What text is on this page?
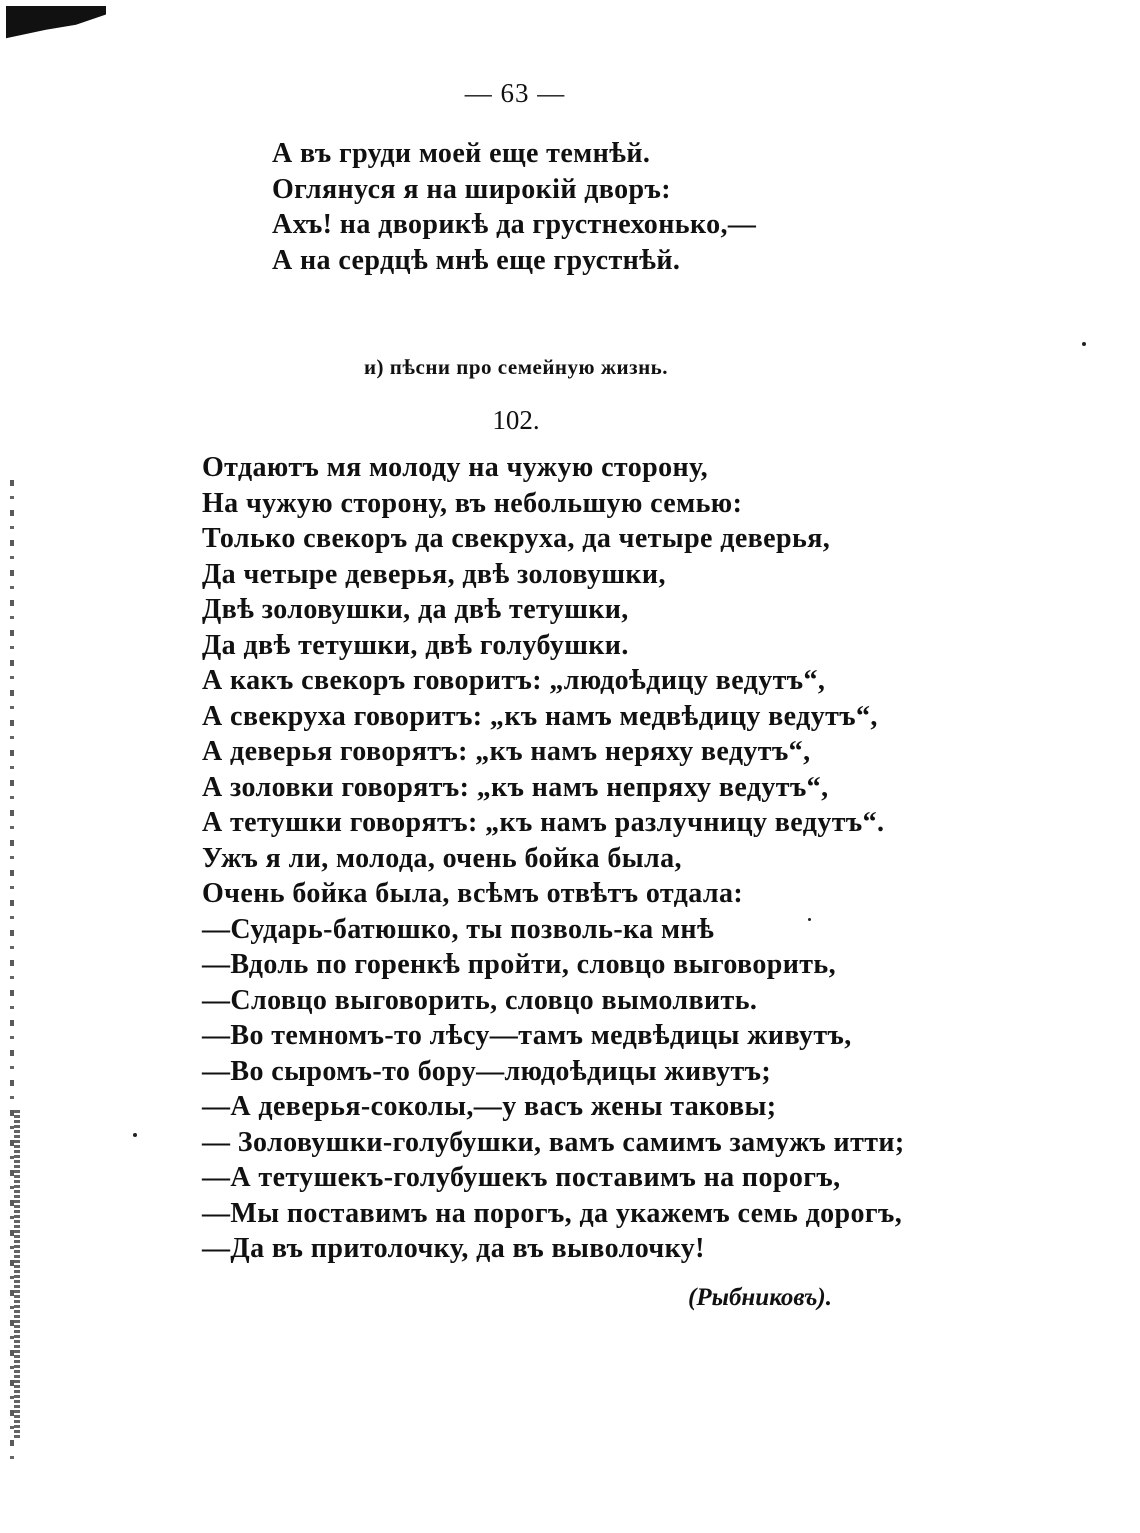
— 63 —
А въ груди моей еще темнѣй.
Оглянуся я на широкій дворъ:
Ахъ! на дворикѣ да грустнехонько,—
А на сердцѣ мнѣ еще грустнѣй.
и) пѣсни про семейную жизнь.
102.
Отдаютъ мя молоду на чужую сторону,
На чужую сторону, въ небольшую семью:
Только свекоръ да свекруха, да четыре деверья,
Да четыре деверья, двѣ золовушки,
Двѣ золовушки, да двѣ тетушки,
Да двѣ тетушки, двѣ голубушки.
А какъ свекоръ говоритъ: „людоѣдицу ведутъ“,
А свекруха говоритъ: „къ намъ медвѣдицу ведутъ“,
А деверья говорятъ: „къ намъ неряху ведутъ“,
А золовки говорятъ: „къ намъ непряху ведутъ“,
А тетушки говорятъ: „къ намъ разлучницу ведутъ“.
Ужъ я ли, молода, очень бойка была,
Очень бойка была, всѣмъ отвѣтъ отдала:
—Сударь-батюшко, ты позволь-ка мнѣ
—Вдоль по горенкѣ пройти, словцо выговорить,
—Словцо выговорить, словцо вымолвить.
—Во темномъ-то лѣсу—тамъ медвѣдицы живутъ,
—Во сыромъ-то бору—людоѣдицы живутъ;
—А деверья-соколы,—у васъ жены таковы;
— Золовушки-голубушки, вамъ самимъ замужъ итти;
—А тетушекъ-голубушекъ поставимъ на порогъ,
—Мы поставимъ на порогъ, да укажемъ семь дорогъ,
—Да въ притолочку, да въ выволочку!
(Рыбниковъ).
